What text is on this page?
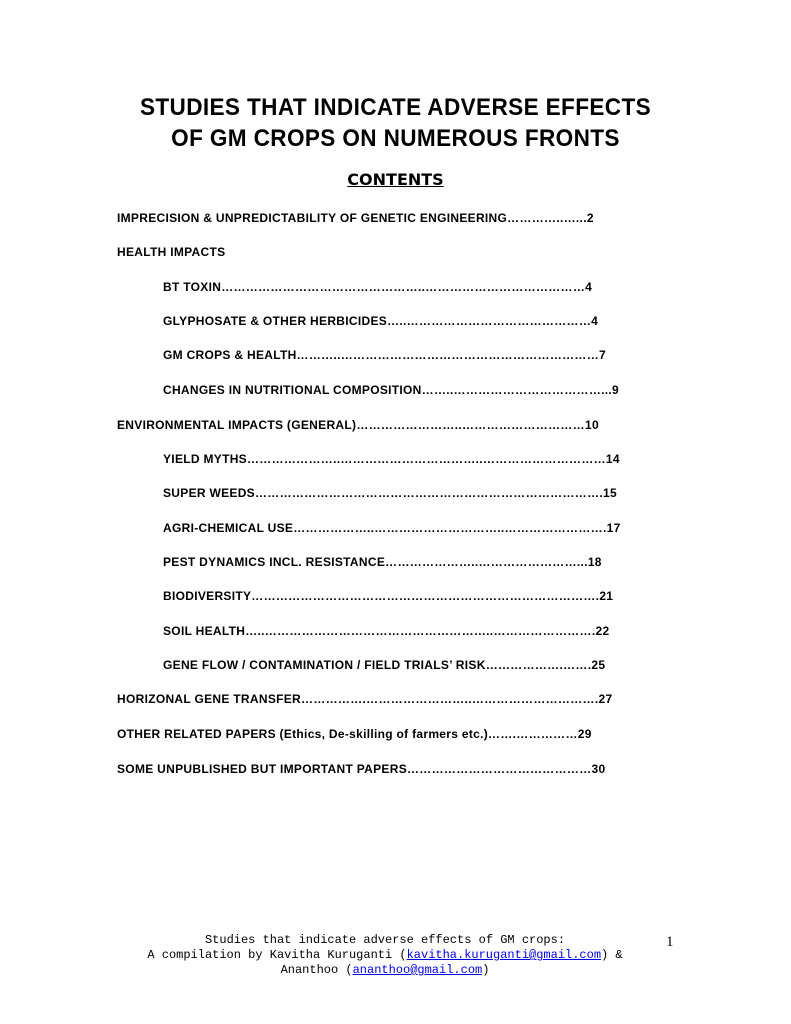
STUDIES THAT INDICATE ADVERSE EFFECTS
OF GM CROPS ON NUMEROUS FRONTS
CONTENTS
IMPRECISION & UNPREDICTABILITY OF GENETIC ENGINEERING…………..…...2
HEALTH IMPACTS
BT TOXIN…………………………………………..…………………………………4
GLYPHOSATE & OTHER HERBICIDES…..………………………………………4
GM CROPS & HEALTH………..………………………………………………………7
CHANGES IN NUTRITIONAL COMPOSITION……..………………………………...9
ENVIRONMENTAL IMPACTS (GENERAL)……………………..…………………………10
YIELD MYTHS…………………..……………………………..…………………………14
SUPER WEEDS………………………………………………………………………….15
AGRI-CHEMICAL USE………………..…………………………..…………………….17
PEST DYNAMICS INCL. RESISTANCE…………………..……………………...18
BIODIVERSITY………………………………………………………………………….21
SOIL HEALTH…..………………………………………………..…………………….22
GENE FLOW / CONTAMINATION / FIELD TRIALS’ RISK……………….…….25
HORIZONAL GENE TRANSFER…………….……………………..………………………….27
OTHER RELATED PAPERS (Ethics, De-skilling of farmers etc.)…….……………29
SOME UNPUBLISHED BUT IMPORTANT PAPERS………………………………………30
Studies that indicate adverse effects of GM crops:
A compilation by Kavitha Kuruganti (kavitha.kuruganti@gmail.com) &
Ananthoo (ananthoo@gmail.com)
1
